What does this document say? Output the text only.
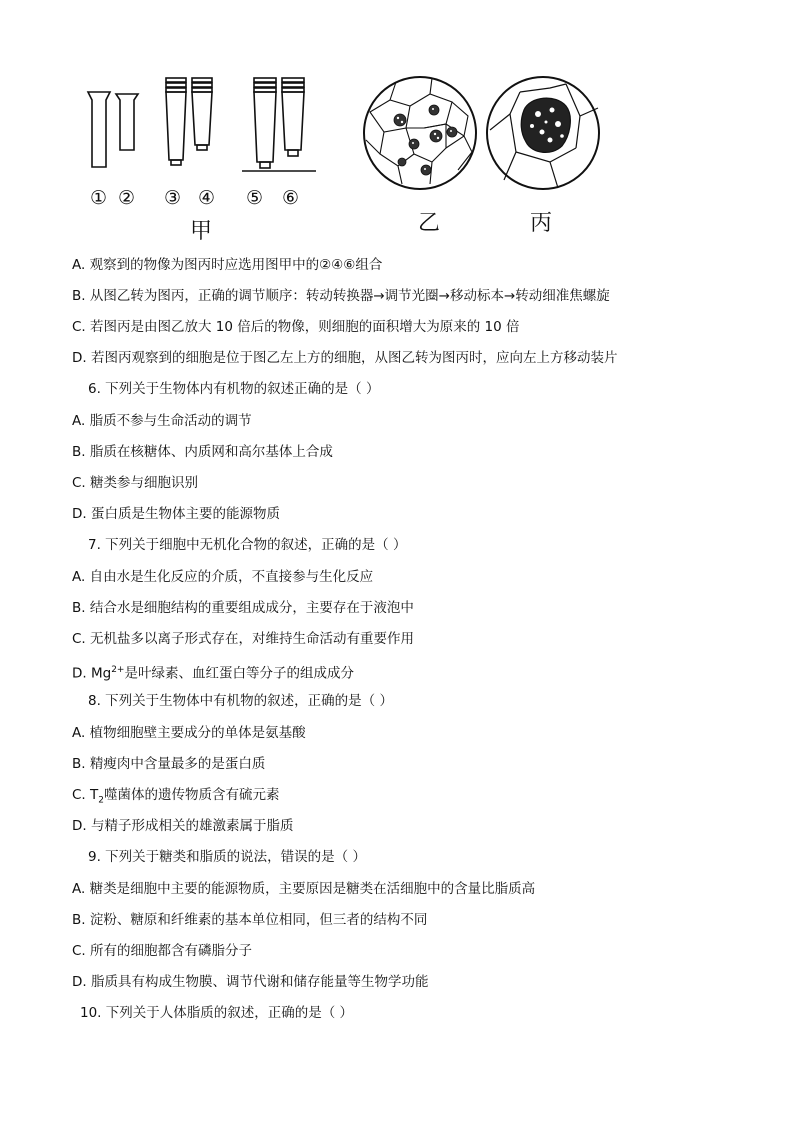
① ② ③ ④ ⑤ ⑥
甲	乙	丙
A. 观察到的物像为图丙时应选用图甲中的②④⑥组合
B. 从图乙转为图丙，正确的调节顺序：转动转换器→调节光圈→移动标本→转动细准焦螺旋
C. 若图丙是由图乙放大 10 倍后的物像，则细胞的面积增大为原来的 10 倍
D. 若图丙观察到的细胞是位于图乙左上方的细胞，从图乙转为图丙时，应向左上方移动装片
6. 下列关于生物体内有机物的叙述正确的是（ ）
A. 脂质不参与生命活动的调节
B. 脂质在核糖体、内质网和高尔基体上合成
C. 糖类参与细胞识别
D. 蛋白质是生物体主要的能源物质
7. 下列关于细胞中无机化合物的叙述，正确的是（ ）
A. 自由水是生化反应的介质，不直接参与生化反应
B. 结合水是细胞结构的重要组成成分，主要存在于液泡中
C. 无机盐多以离子形式存在，对维持生命活动有重要作用
D. $Mg^{2+}$是叶绿素、血红蛋白等分子的组成成分
8. 下列关于生物体中有机物的叙述，正确的是（ ）
A. 植物细胞壁主要成分的单体是氨基酸
B. 精瘦肉中含量最多的是蛋白质
C. $T_2$噬菌体的遗传物质含有硫元素
D. 与精子形成相关的雄激素属于脂质
9. 下列关于糖类和脂质的说法，错误的是（ ）
A. 糖类是细胞中主要的能源物质，主要原因是糖类在活细胞中的含量比脂质高
B. 淀粉、糖原和纤维素的基本单位相同，但三者的结构不同
C. 所有的细胞都含有磷脂分子
D. 脂质具有构成生物膜、调节代谢和储存能量等生物学功能
10. 下列关于人体脂质的叙述，正确的是（ ）
